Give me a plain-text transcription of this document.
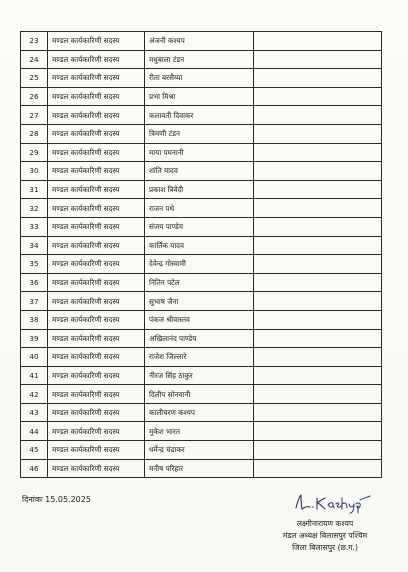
23	मण्डल कार्यकारिणी सदस्य	अंजनी कश्यप	
24	मण्डल कार्यकारिणी सदस्य	मधुबाला टंडन	
25	मण्डल कार्यकारिणी सदस्य	रीता बरसैय्या	
26	मण्डल कार्यकारिणी सदस्य	प्रभा मिश्रा	
27	मण्डल कार्यकारिणी सदस्य	कलावती दिवाकर	
28	मण्डल कार्यकारिणी सदस्य	त्रिमणी टंडन	
29	मण्डल कार्यकारिणी सदस्य	माया पमनानी	
30	मण्डल कार्यकारिणी सदस्य	शांति यादव	
31	मण्डल कार्यकारिणी सदस्य	प्रकाश त्रिवेदी	
32	मण्डल कार्यकारिणी सदस्य	राजन पथे	
33	मण्डल कार्यकारिणी सदस्य	संजय पाण्डेय	
34	मण्डल कार्यकारिणी सदस्य	कार्तिक यादव	
35	मण्डल कार्यकारिणी सदस्य	देवेन्द्र गोस्वामी	
36	मण्डल कार्यकारिणी सदस्य	नितिन पटेल	
37	मण्डल कार्यकारिणी सदस्य	सुभाष जैना	
38	मण्डल कार्यकारिणी सदस्य	पंकज श्रीवास्तव	
39	मण्डल कार्यकारिणी सदस्य	अखिलानंद पाण्डेय	
40	मण्डल कार्यकारिणी सदस्य	राजेश जिल्लारे	
41	मण्डल कार्यकारिणी सदस्य	नीरज सिंह ठाकुर	
42	मण्डल कार्यकारिणी सदस्य	दिलीप सोनवानी	
43	मण्डल कार्यकारिणी सदस्य	कालीचरण कश्यप	
44	मण्डल कार्यकारिणी सदस्य	मुकेश भारत	
45	मण्डल कार्यकारिणी सदस्य	धर्मेन्द्र चंद्राकर	
46	मण्डल कार्यकारिणी सदस्य	मनीष परिहार	
दिनांकः 15.05.2025
लक्ष्मीनारायण कश्यप
मंडल अध्यक्ष बिलासपुर पश्चिम
जिला बिलासपुर (छ.ग.)
